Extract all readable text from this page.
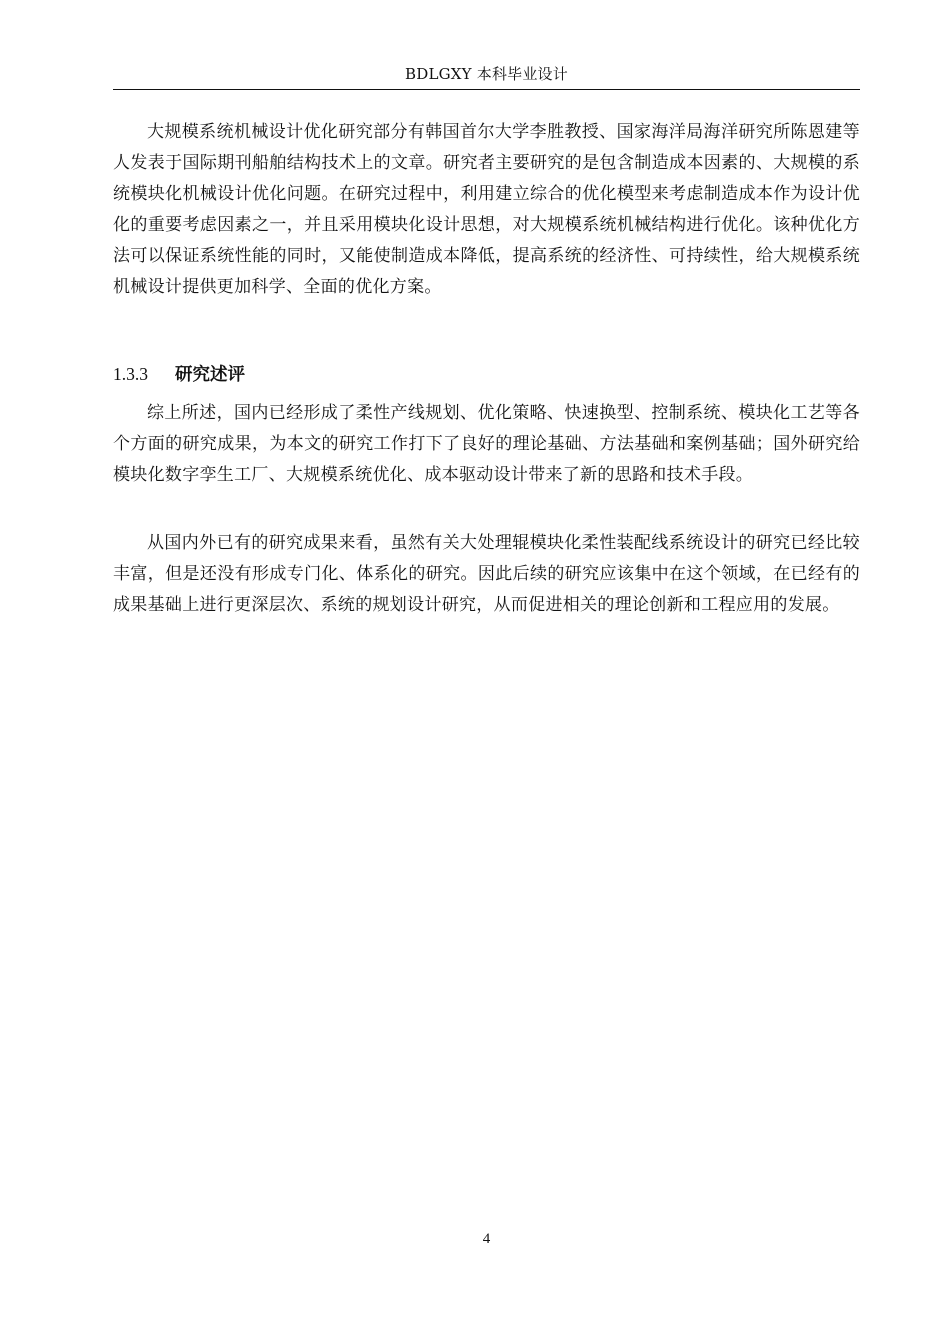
BDLGXY 本科毕业设计

大规模系统机械设计优化研究部分有韩国首尔大学李胜教授、国家海洋局海洋研究所陈恩建等人发表于国际期刊船舶结构技术上的文章。研究者主要研究的是包含制造成本因素的、大规模的系统模块化机械设计优化问题。在研究过程中，利用建立综合的优化模型来考虑制造成本作为设计优化的重要考虑因素之一，并且采用模块化设计思想，对大规模系统机械结构进行优化。该种优化方法可以保证系统性能的同时，又能使制造成本降低，提高系统的经济性、可持续性，给大规模系统机械设计提供更加科学、全面的优化方案。

1.3.3 研究述评

综上所述，国内已经形成了柔性产线规划、优化策略、快速换型、控制系统、模块化工艺等各个方面的研究成果，为本文的研究工作打下了良好的理论基础、方法基础和案例基础；国外研究给模块化数字孪生工厂、大规模系统优化、成本驱动设计带来了新的思路和技术手段。

从国内外已有的研究成果来看，虽然有关大处理辊模块化柔性装配线系统设计的研究已经比较丰富，但是还没有形成专门化、体系化的研究。因此后续的研究应该集中在这个领域，在已经有的成果基础上进行更深层次、系统的规划设计研究，从而促进相关的理论创新和工程应用的发展。

4
